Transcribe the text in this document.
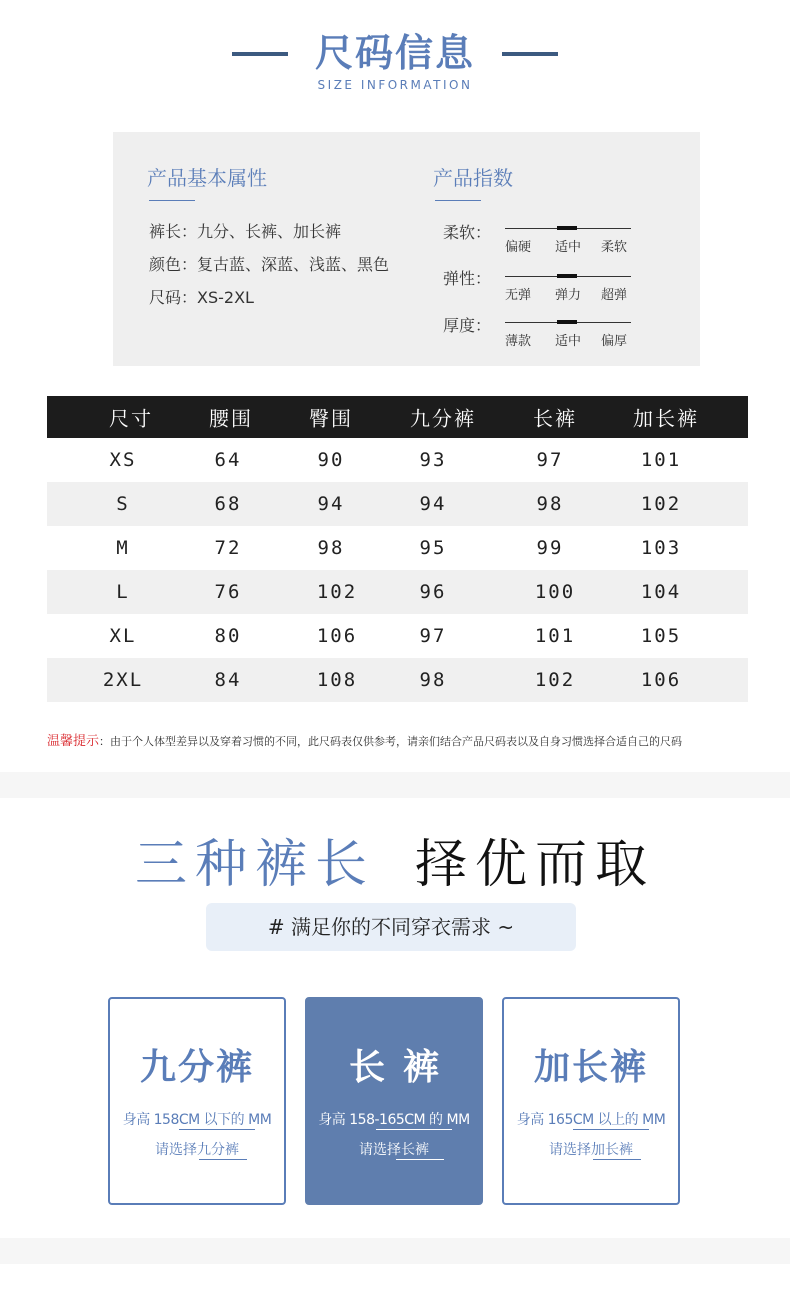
尺码信息
SIZE INFORMATION
产品基本属性
裤长：九分、长裤、加长裤
颜色：复古蓝、深蓝、浅蓝、黑色
尺码：XS-2XL
产品指数
柔软：
偏硬 适中 柔软
弹性：
无弹 弹力 超弹
厚度：
薄款 适中 偏厚
尺寸	腰围	臀围	九分裤	长裤	加长裤
XS	64	90	93	97	101
S	68	94	94	98	102
M	72	98	95	99	103
L	76	102	96	100	104
XL	80	106	97	101	105
2XL	84	108	98	102	106
温馨提示：由于个人体型差异以及穿着习惯的不同，此尺码表仅供参考，请亲们结合产品尺码表以及自身习惯选择合适自己的尺码
三种裤长 择优而取
# 满足你的不同穿衣需求 ~
九分裤
身高 158CM 以下的 MM
请选择九分裤
长裤
身高 158-165CM 的 MM
请选择长裤
加长裤
身高 165CM 以上的 MM
请选择加长裤
